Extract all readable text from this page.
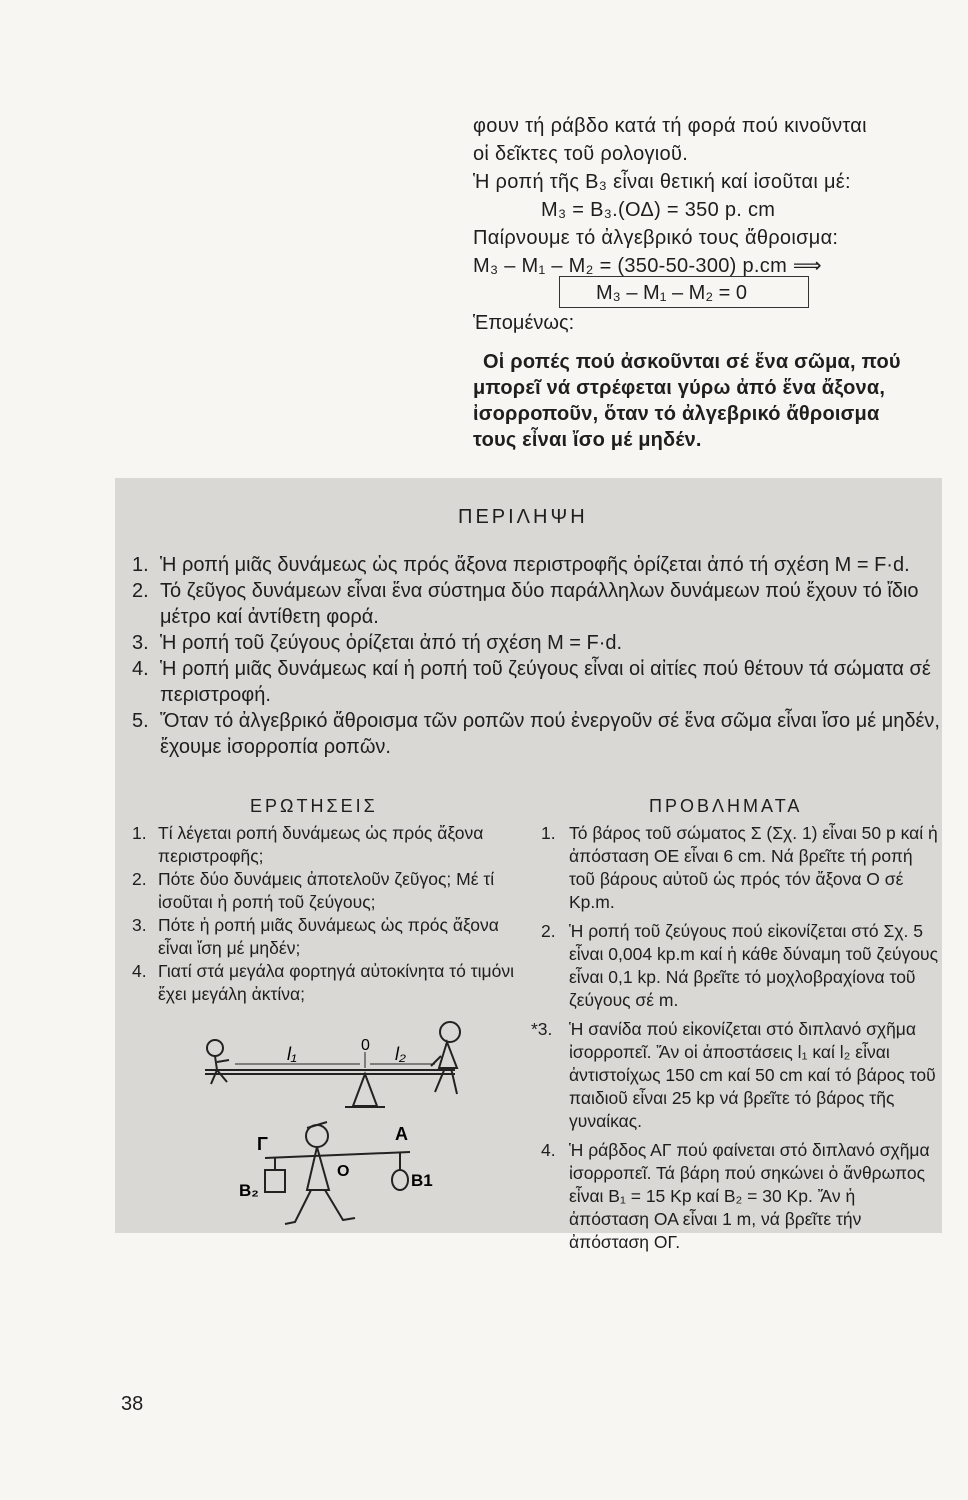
φουν τή ράβδο κατά τή φορά πού κινοῦνται
οἱ δεῖκτες τοῦ ρολογιοῦ.
Ἡ ροπή τῆς B₃ εἶναι θετική καί ἰσοῦται μέ:
M₃ = B₃.(ΟΔ) = 350 p. cm
Παίρνουμε τό ἀλγεβρικό τους ἄθροισμα:
M₃ – M₁ – M₂ = (350-50-300) p.cm ⟹
M₃ – M₁ – M₂ = 0
Ἑπομένως:
Οἱ ροπές πού ἀσκοῦνται σέ ἕνα σῶμα, πού
μπορεῖ νά στρέφεται γύρω ἀπό ἕνα ἄξονα,
ἰσορροποῦν, ὅταν τό ἀλγεβρικό ἄθροισμα
τους εἶναι ἴσο μέ μηδέν.
ΠΕΡΙΛΗΨΗ
1. Ἡ ροπή μιᾶς δυνάμεως ὡς πρός ἄξονα περιστροφῆς ὁρίζεται ἀπό τή σχέση M = F·d.
2. Τό ζεῦγος δυνάμεων εἶναι ἕνα σύστημα δύο παράλληλων δυνάμεων πού ἔχουν τό ἴδιο μέτρο καί ἀντίθετη φορά.
3. Ἡ ροπή τοῦ ζεύγους ὁρίζεται ἀπό τή σχέση M = F·d.
4. Ἡ ροπή μιᾶς δυνάμεως καί ἡ ροπή τοῦ ζεύγους εἶναι οἱ αἰτίες πού θέτουν τά σώματα σέ περιστροφή.
5. Ὅταν τό ἀλγεβρικό ἄθροισμα τῶν ροπῶν πού ἐνεργοῦν σέ ἕνα σῶμα εἶναι ἴσο μέ μηδέν, ἔχουμε ἰσορροπία ροπῶν.
ΕΡΩΤΗΣΕΙΣ	ΠΡΟΒΛΗΜΑΤΑ
1. Τί λέγεται ροπή δυνάμεως ὡς πρός ἄξονα περιστροφῆς;
2. Πότε δύο δυνάμεις ἀποτελοῦν ζεῦγος; Μέ τί ἰσοῦται ἡ ροπή τοῦ ζεύγους;
3. Πότε ἡ ροπή μιᾶς δυνάμεως ὡς πρός ἄξονα εἶναι ἴση μέ μηδέν;
4. Γιατί στά μεγάλα φορτηγά αὐτοκίνητα τό τιμόνι ἔχει μεγάλη ἀκτίνα;
1. Τό βάρος τοῦ σώματος Σ (Σχ. 1) εἶναι 50 p καί ἡ ἀπόσταση ΟΕ εἶναι 6 cm. Νά βρεῖτε τή ροπή τοῦ βάρους αὐτοῦ ὡς πρός τόν ἄξονα Ο σέ Kp.m.
2. Ἡ ροπή τοῦ ζεύγους πού εἰκονίζεται στό Σχ. 5 εἶναι 0,004 kp.m καί ἡ κάθε δύναμη τοῦ ζεύγους εἶναι 0,1 kp. Νά βρεῖτε τό μοχλοβραχίονα τοῦ ζεύγους σέ m.
*3. Ἡ σανίδα πού εἰκονίζεται στό διπλανό σχῆμα ἰσορροπεῖ. Ἄν οἱ ἀποστάσεις l₁ καί l₂ εἶναι ἀντιστοίχως 150 cm καί 50 cm καί τό βάρος τοῦ παιδιοῦ εἶναι 25 kp νά βρεῖτε τό βάρος τῆς γυναίκας.
4. Ἡ ράβδος ΑΓ πού φαίνεται στό διπλανό σχῆμα ἰσορροπεῖ. Τά βάρη πού σηκώνει ὁ ἄνθρωπος εἶναι B₁ = 15 Kp καί B₂ = 30 Kp. Ἄν ἡ ἀπόσταση ΟΑ εἶναι 1 m, νά βρεῖτε τήν ἀπόσταση ΟΓ.
l₁	0 l₂
Γ	Α
O
B₂
B1
38
